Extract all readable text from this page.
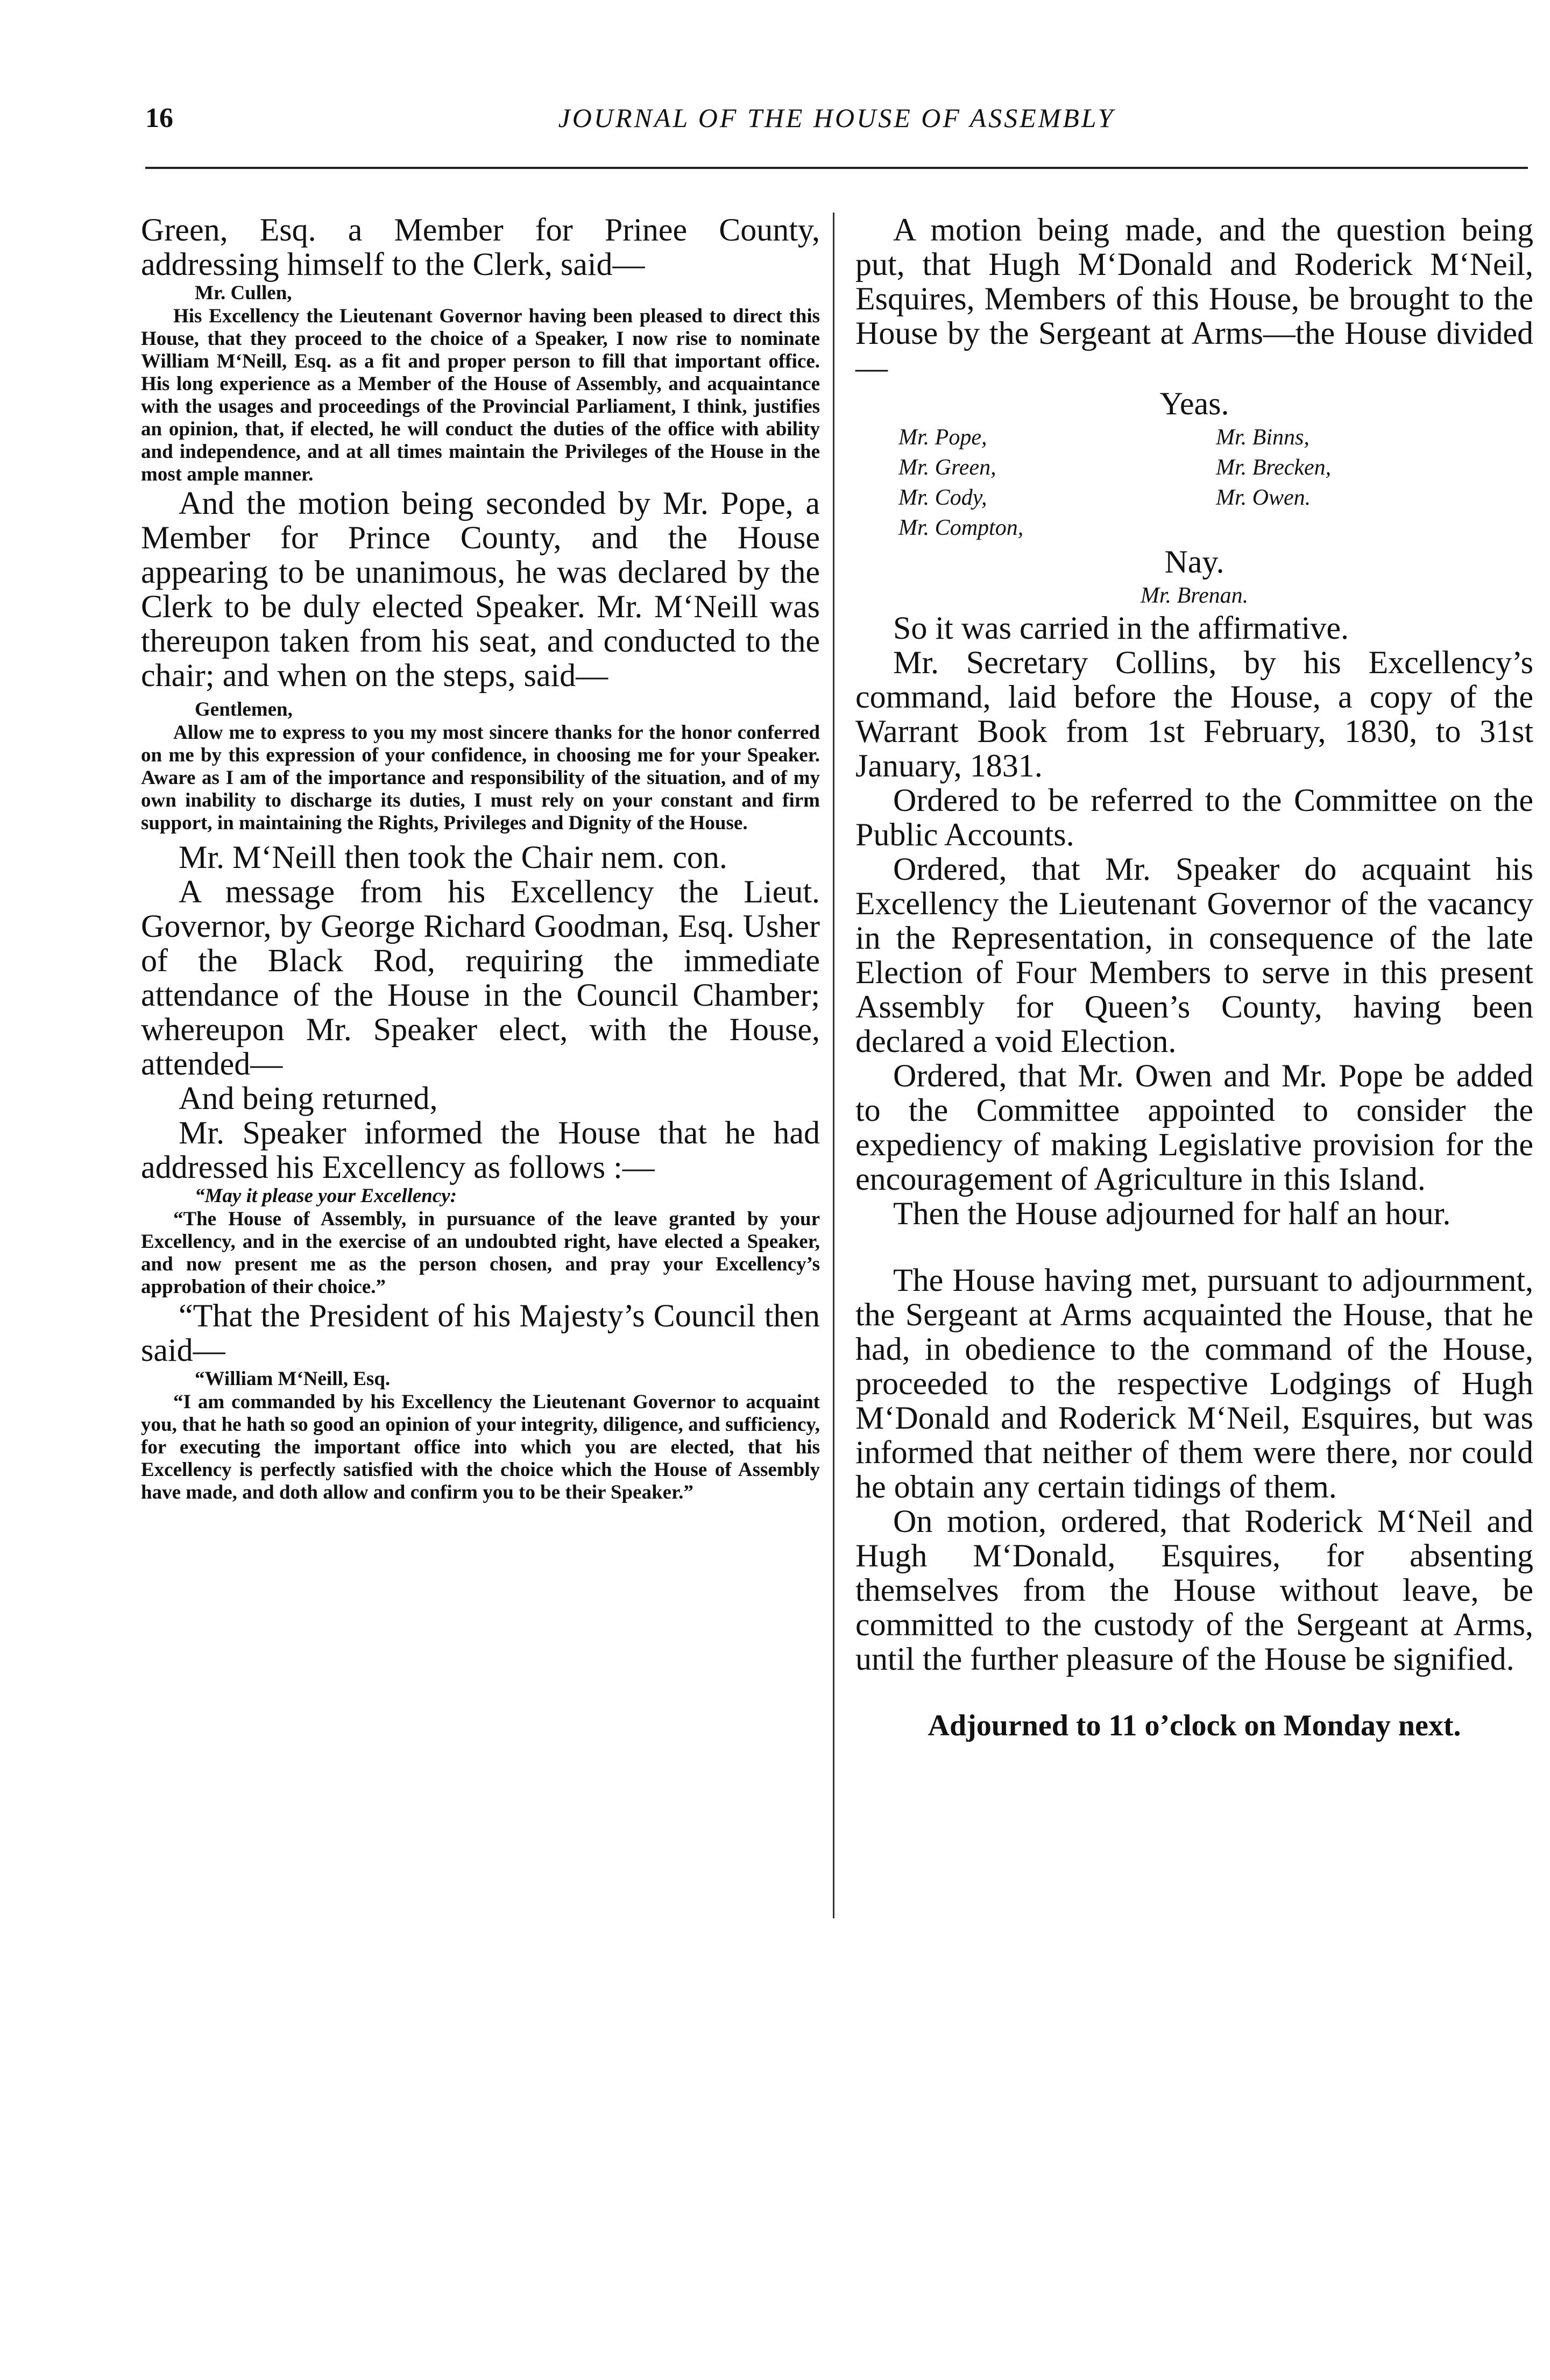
16	JOURNAL OF THE HOUSE OF ASSEMBLY

Green, Esq. a Member for Prinee County, addressing himself to the Clerk, said—

Mr. Cullen,

His Excellency the Lieutenant Governor having been pleased to direct this House, that they proceed to the choice of a Speaker, I now rise to nominate William M‘Neill, Esq. as a fit and proper person to fill that important office. His long experience as a Member of the House of Assembly, and acquaintance with the usages and proceedings of the Provincial Parliament, I think, justifies an opinion, that, if elected, he will conduct the duties of the office with ability and independence, and at all times maintain the Privileges of the House in the most ample manner.

And the motion being seconded by Mr. Pope, a Member for Prince County, and the House appearing to be unanimous, he was declared by the Clerk to be duly elected Speaker. Mr. M‘Neill was thereupon taken from his seat, and conducted to the chair; and when on the steps, said—

Gentlemen,

Allow me to express to you my most sincere thanks for the honor conferred on me by this expression of your confidence, in choosing me for your Speaker. Aware as I am of the importance and responsibility of the situation, and of my own inability to discharge its duties, I must rely on your constant and firm support, in maintaining the Rights, Privileges and Dignity of the House.

Mr. M‘Neill then took the Chair nem. con.

A message from his Excellency the Lieut. Governor, by George Richard Goodman, Esq. Usher of the Black Rod, requiring the immediate attendance of the House in the Council Chamber; whereupon Mr. Speaker elect, with the House, attended—

And being returned,

Mr. Speaker informed the House that he had addressed his Excellency as follows :—

“May it please your Excellency:

“The House of Assembly, in pursuance of the leave granted by your Excellency, and in the exercise of an undoubted right, have elected a Speaker, and now present me as the person chosen, and pray your Excellency’s approbation of their choice.”

“That the President of his Majesty’s Council then said—

“William M‘Neill, Esq.

“I am commanded by his Excellency the Lieutenant Governor to acquaint you, that he hath so good an opinion of your integrity, diligence, and sufficiency, for executing the important office into which you are elected, that his Excellency is perfectly satisfied with the choice which the House of Assembly have made, and doth allow and confirm you to be their Speaker.”

A motion being made, and the question being put, that Hugh M‘Donald and Roderick M‘Neil, Esquires, Members of this House, be brought to the House by the Sergeant at Arms—the House divided—

Yeas.

Mr. Pope,	Mr. Binns,
Mr. Green,	Mr. Brecken,
Mr. Cody,	Mr. Owen.
Mr. Compton,

Nay.

Mr. Brenan.

So it was carried in the affirmative.

Mr. Secretary Collins, by his Excellency’s command, laid before the House, a copy of the Warrant Book from 1st February, 1830, to 31st January, 1831.

Ordered to be referred to the Committee on the Public Accounts.

Ordered, that Mr. Speaker do acquaint his Excellency the Lieutenant Governor of the vacancy in the Representation, in consequence of the late Election of Four Members to serve in this present Assembly for Queen’s County, having been declared a void Election.

Ordered, that Mr. Owen and Mr. Pope be added to the Committee appointed to consider the expediency of making Legislative provision for the encouragement of Agriculture in this Island.

Then the House adjourned for half an hour.

The House having met, pursuant to adjournment, the Sergeant at Arms acquainted the House, that he had, in obedience to the command of the House, proceeded to the respective Lodgings of Hugh M‘Donald and Roderick M‘Neil, Esquires, but was informed that neither of them were there, nor could he obtain any certain tidings of them.

On motion, ordered, that Roderick M‘Neil and Hugh M‘Donald, Esquires, for absenting themselves from the House without leave, be committed to the custody of the Sergeant at Arms, until the further pleasure of the House be signified.

Adjourned to 11 o’clock on Monday next.
